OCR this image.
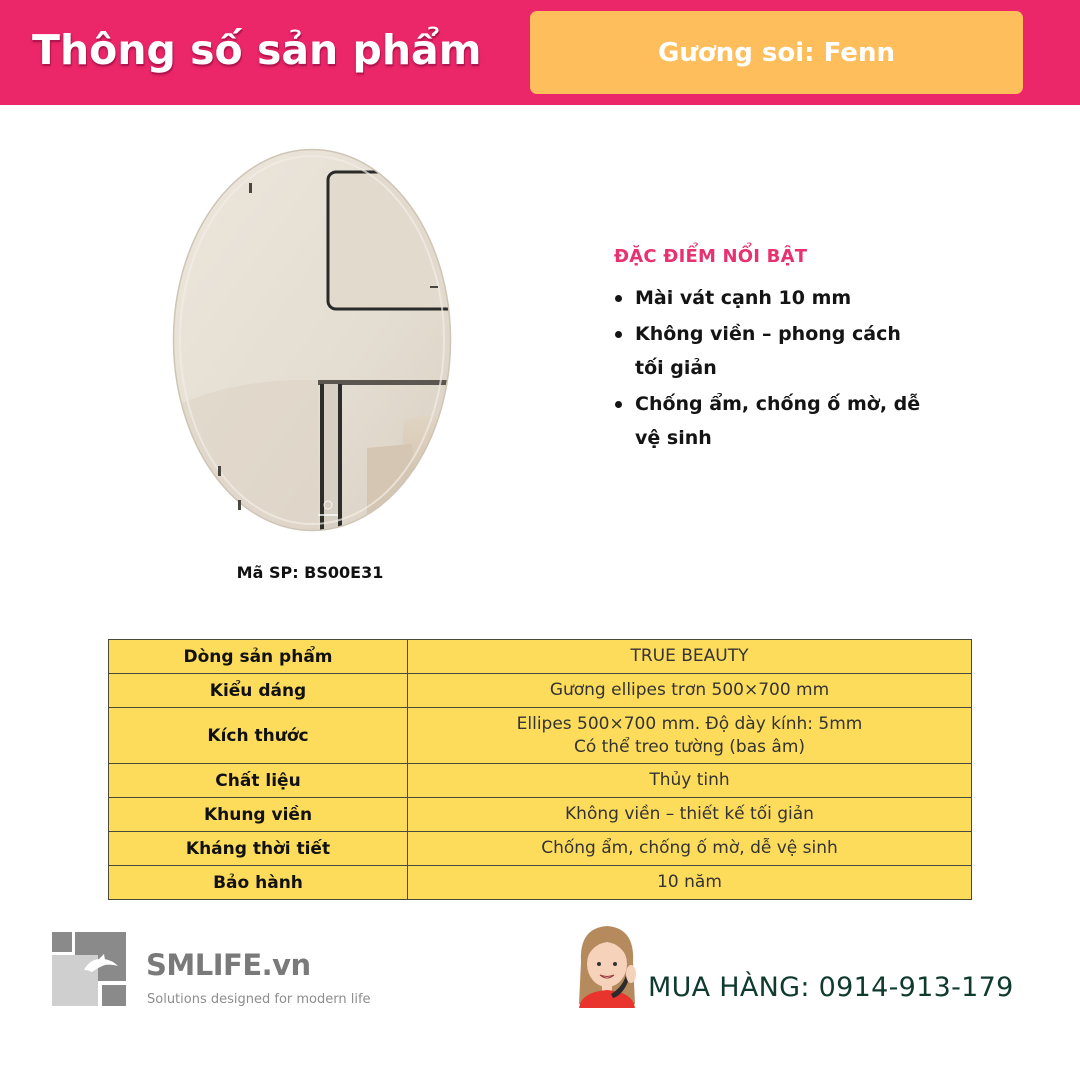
Thông số sản phẩm	Gương soi: Fenn
Mã SP: BS00E31
ĐẶC ĐIỂM NỔI BẬT
Mài vát cạnh 10 mm
Không viền – phong cách tối giản
Chống ẩm, chống ố mờ, dễ vệ sinh
Dòng sản phẩm	TRUE BEAUTY
Kiểu dáng	Gương ellipes trơn 500×700 mm
Kích thước	Ellipes 500×700 mm. Độ dày kính: 5mm
Có thể treo tường (bas âm)

Chất liệu	Thủy tinh
Khung viền	Không viền – thiết kế tối giản
Kháng thời tiết	Chống ẩm, chống ố mờ, dễ vệ sinh
Bảo hành	10 năm
SMLIFE.vn
Solutions designed for modern life	MUA HÀNG: 0914-913-179
